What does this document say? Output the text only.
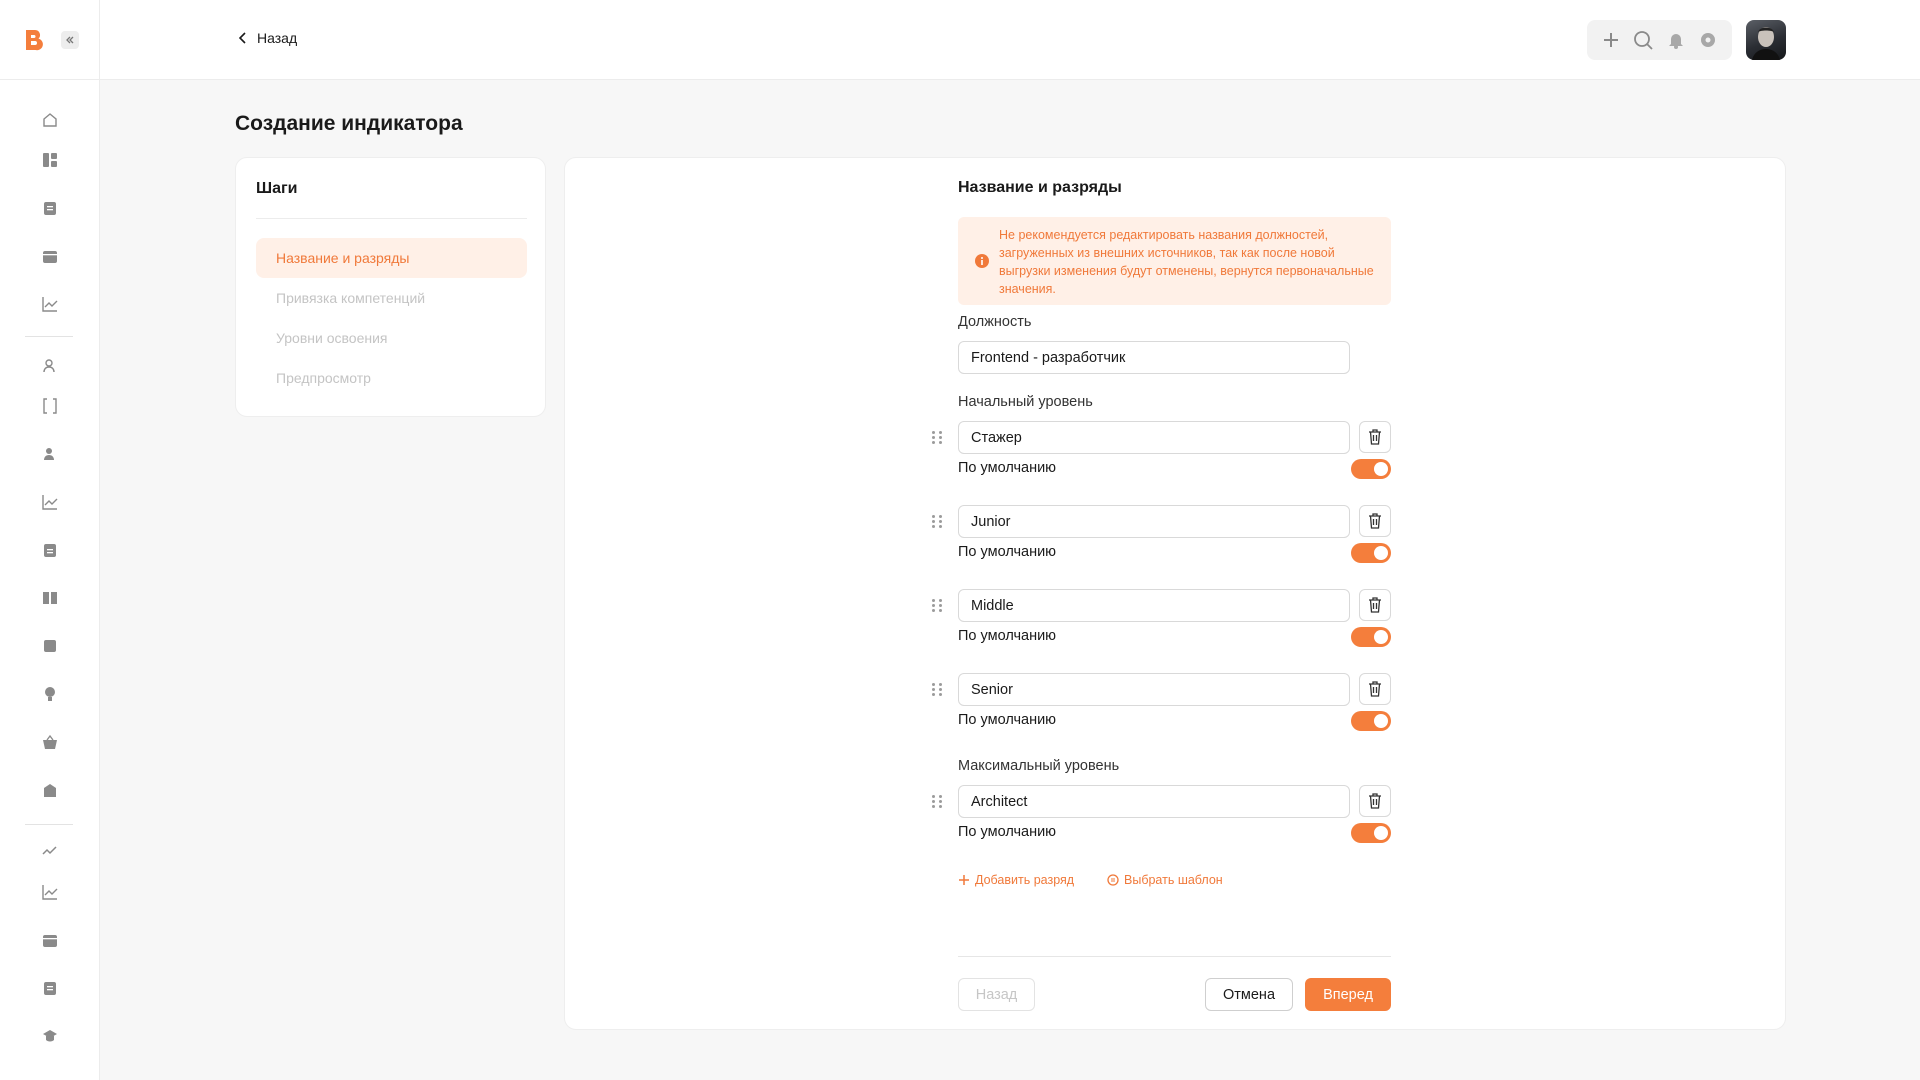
Назад
Создание индикатора
Шаги
Название и разряды
Привязка компетенций
Уровни освоения
Предпросмотр
Название и разряды
Не рекомендуется редактировать названия должностей, загруженных из внешних источников, так как после новой выгрузки изменения будут отменены, вернутся первоначальные значения.
Должность
Frontend - разработчик
Начальный уровень
Стажер
По умолчанию
Junior
По умолчанию
Middle
По умолчанию
Senior
По умолчанию
Максимальный уровень
Architect
По умолчанию
Добавить разряд	Выбрать шаблон
Назад	Отмена	Вперед
